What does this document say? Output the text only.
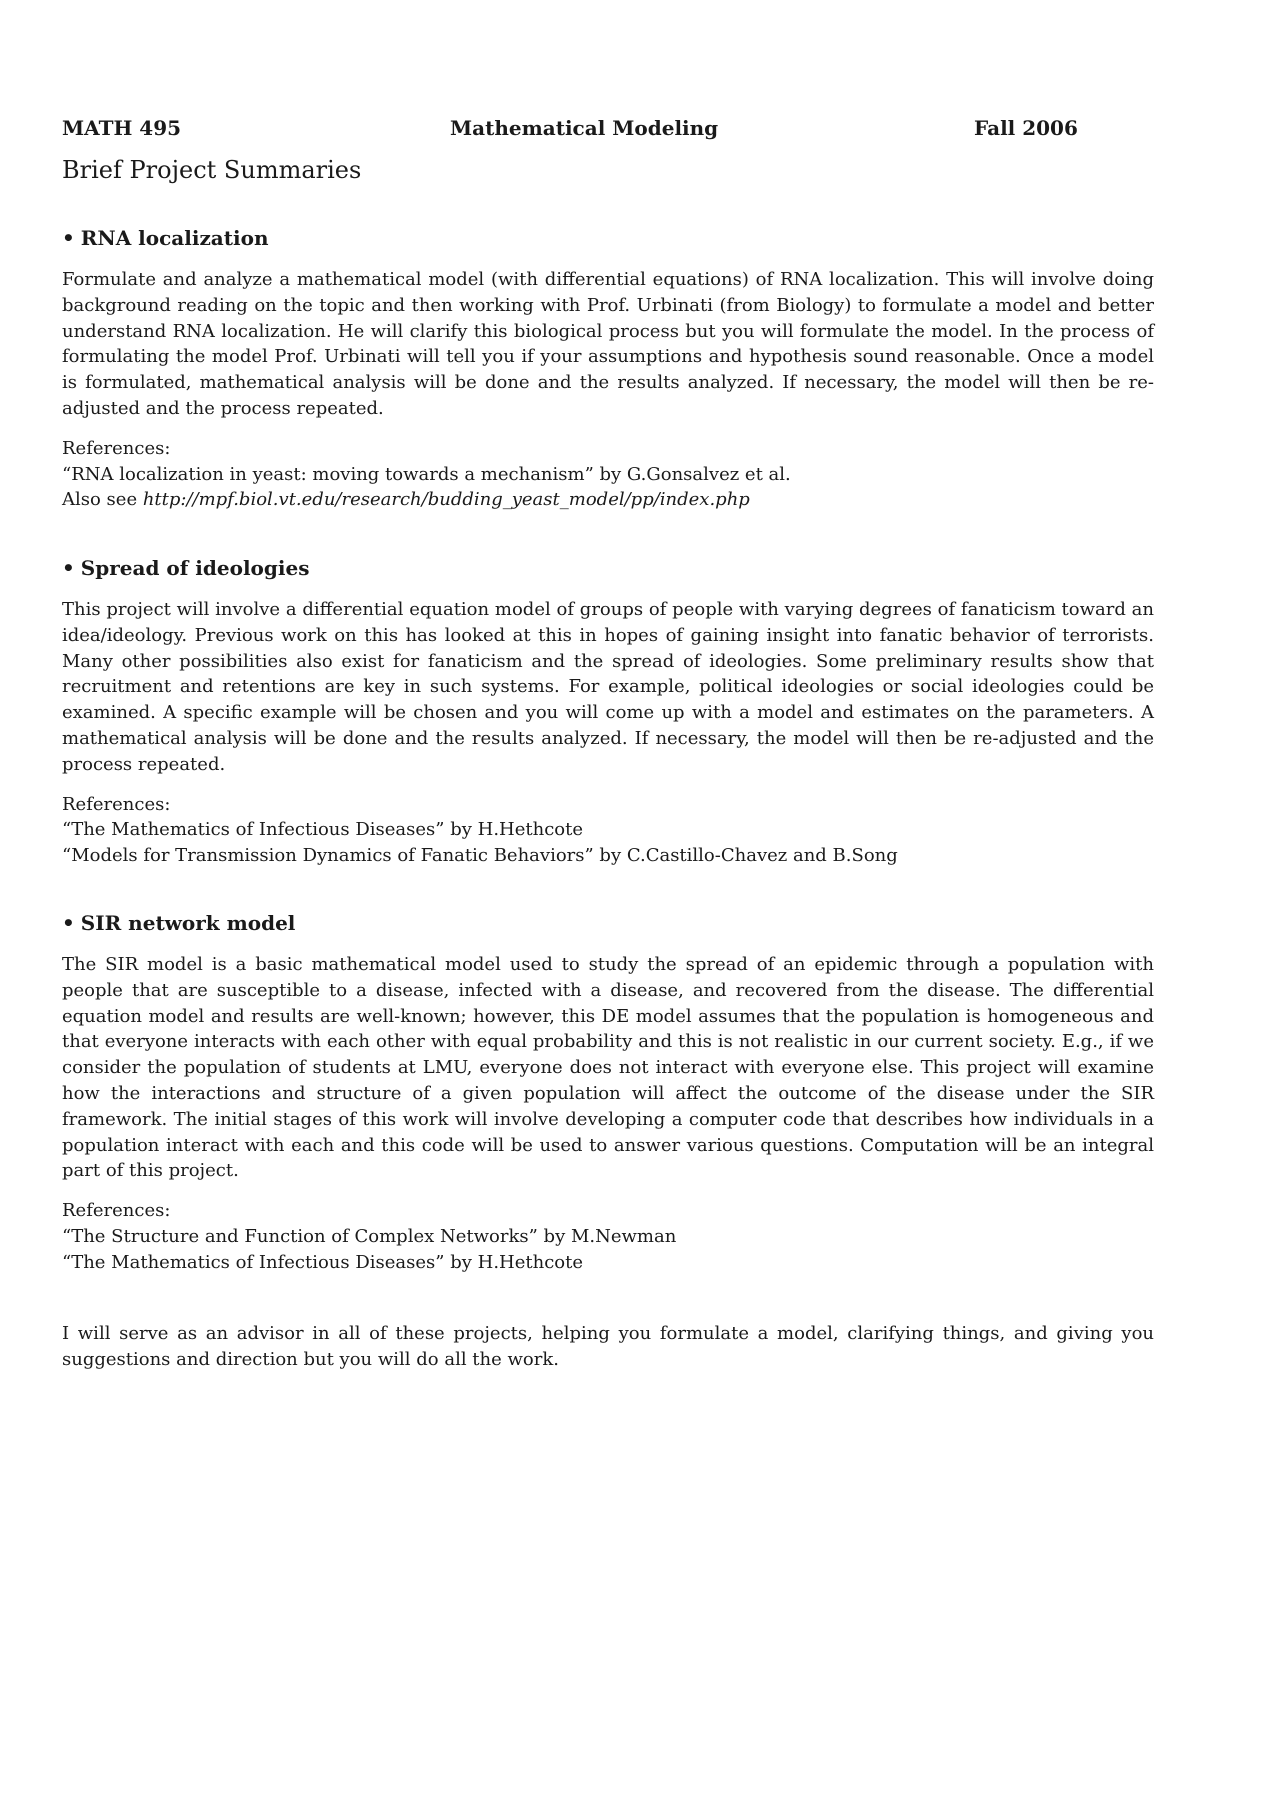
MATH 495	Mathematical Modeling	Fall 2006
Brief Project Summaries
• RNA localization

Formulate and analyze a mathematical model (with differential equations) of RNA localization. This will involve doing background reading on the topic and then working with Prof. Urbinati (from Biology) to formulate a model and better understand RNA localization. He will clarify this biological process but you will formulate the model. In the process of formulating the model Prof. Urbinati will tell you if your assumptions and hypothesis sound reasonable. Once a model is formulated, mathematical analysis will be done and the results analyzed. If necessary, the model will then be re-adjusted and the process repeated.

References:
“RNA localization in yeast: moving towards a mechanism” by G.Gonsalvez et al.
Also see http://mpf.biol.vt.edu/research/budding_yeast_model/pp/index.php
• Spread of ideologies

This project will involve a differential equation model of groups of people with varying degrees of fanaticism toward an idea/ideology. Previous work on this has looked at this in hopes of gaining insight into fanatic behavior of terrorists. Many other possibilities also exist for fanaticism and the spread of ideologies. Some preliminary results show that recruitment and retentions are key in such systems. For example, political ideologies or social ideologies could be examined. A specific example will be chosen and you will come up with a model and estimates on the parameters. A mathematical analysis will be done and the results analyzed. If necessary, the model will then be re-adjusted and the process repeated.

References:
“The Mathematics of Infectious Diseases” by H.Hethcote
“Models for Transmission Dynamics of Fanatic Behaviors” by C.Castillo-Chavez and B.Song
• SIR network model

The SIR model is a basic mathematical model used to study the spread of an epidemic through a population with people that are susceptible to a disease, infected with a disease, and recovered from the disease. The differential equation model and results are well-known; however, this DE model assumes that the population is homogeneous and that everyone interacts with each other with equal probability and this is not realistic in our current society. E.g., if we consider the population of students at LMU, everyone does not interact with everyone else. This project will examine how the interactions and structure of a given population will affect the outcome of the disease under the SIR framework. The initial stages of this work will involve developing a computer code that describes how individuals in a population interact with each and this code will be used to answer various questions. Computation will be an integral part of this project.

References:
“The Structure and Function of Complex Networks” by M.Newman
“The Mathematics of Infectious Diseases” by H.Hethcote

I will serve as an advisor in all of these projects, helping you formulate a model, clarifying things, and giving you suggestions and direction but you will do all the work.
